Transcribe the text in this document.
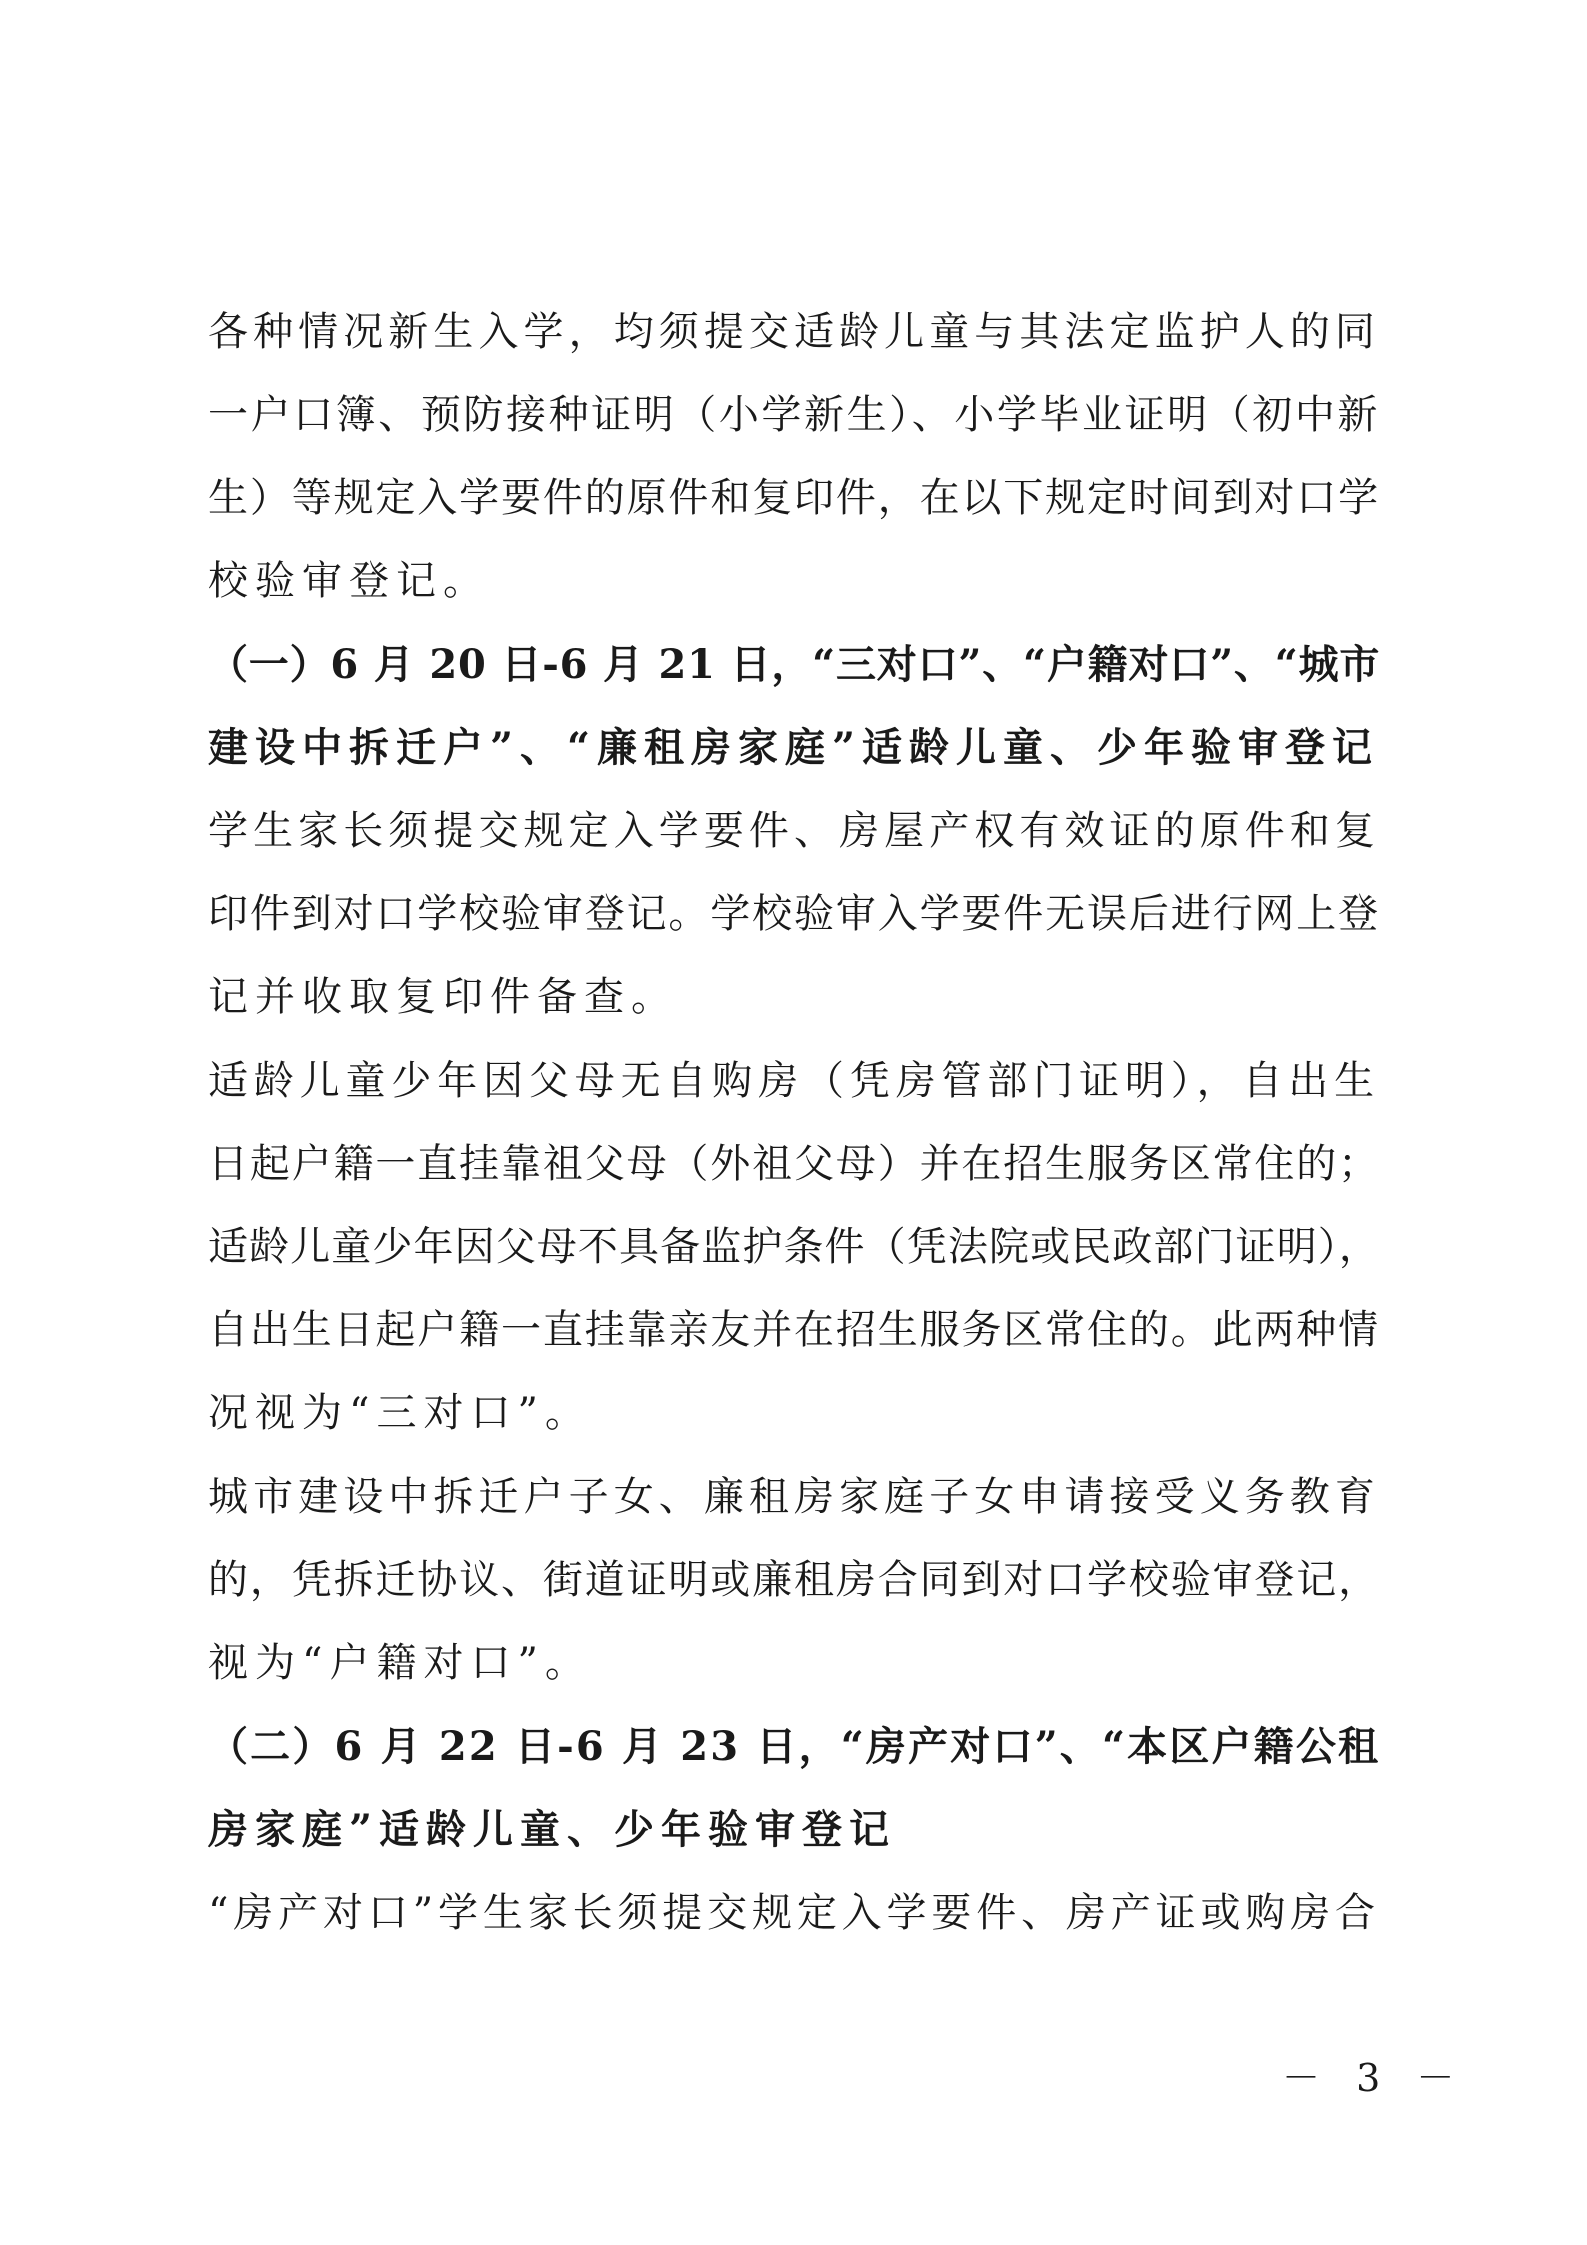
各种情况新生入学，均须提交适龄儿童与其法定监护人的同
一户口簿、预防接种证明（小学新生）、小学毕业证明（初中新
生）等规定入学要件的原件和复印件，在以下规定时间到对口学
校验审登记。
（一）6 月 20 日-6 月 21 日，“三对口”、“户籍对口”、“城市
建设中拆迁户”、“廉租房家庭”适龄儿童、少年验审登记
学生家长须提交规定入学要件、房屋产权有效证的原件和复
印件到对口学校验审登记。学校验审入学要件无误后进行网上登
记并收取复印件备查。
适龄儿童少年因父母无自购房（凭房管部门证明），自出生
日起户籍一直挂靠祖父母（外祖父母）并在招生服务区常住的；
适龄儿童少年因父母不具备监护条件（凭法院或民政部门证明），
自出生日起户籍一直挂靠亲友并在招生服务区常住的。此两种情
况视为“三对口”。
城市建设中拆迁户子女、廉租房家庭子女申请接受义务教育
的，凭拆迁协议、街道证明或廉租房合同到对口学校验审登记，
视为“户籍对口”。
（二）6 月 22 日-6 月 23 日，“房产对口”、“本区户籍公租
房家庭”适龄儿童、少年验审登记
“房产对口”学生家长须提交规定入学要件、房产证或购房合
－ 3 －
